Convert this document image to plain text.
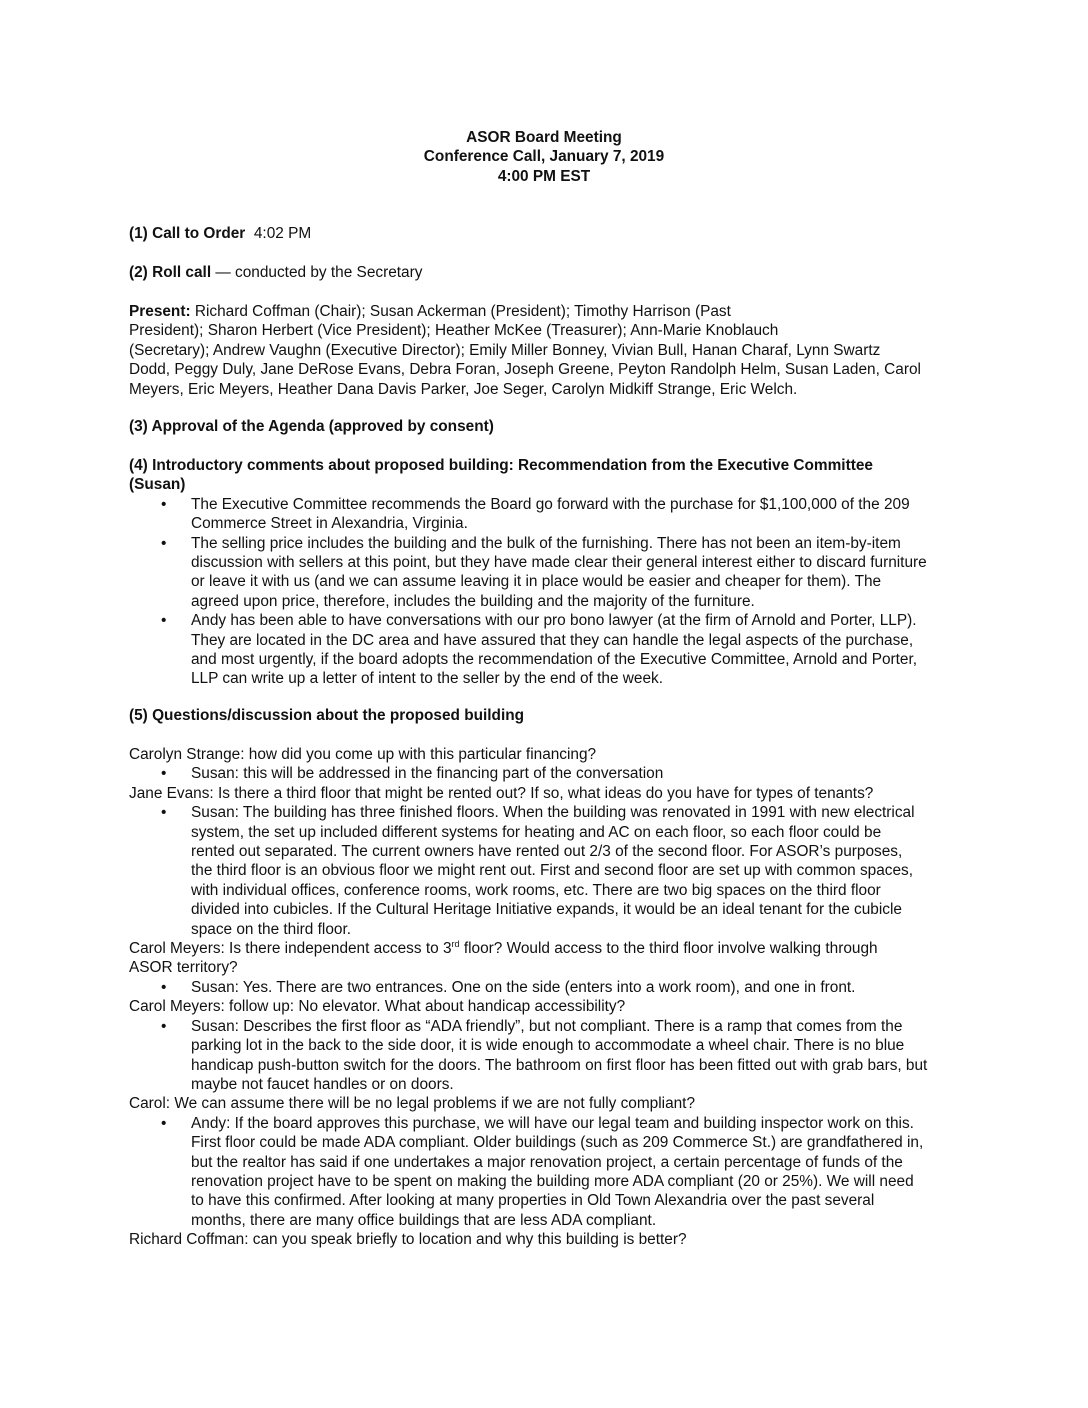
ASOR Board Meeting
Conference Call, January 7, 2019
4:00 PM EST
(1) Call to Order 4:02 PM
(2) Roll call — conducted by the Secretary
Present: Richard Coffman (Chair); Susan Ackerman (President); Timothy Harrison (Past
President); Sharon Herbert (Vice President); Heather McKee (Treasurer); Ann-Marie Knoblauch
(Secretary); Andrew Vaughn (Executive Director); Emily Miller Bonney, Vivian Bull, Hanan Charaf, Lynn Swartz
Dodd, Peggy Duly, Jane DeRose Evans, Debra Foran, Joseph Greene, Peyton Randolph Helm, Susan Laden, Carol
Meyers, Eric Meyers, Heather Dana Davis Parker, Joe Seger, Carolyn Midkiff Strange, Eric Welch.
(3) Approval of the Agenda (approved by consent)
(4) Introductory comments about proposed building: Recommendation from the Executive Committee
(Susan)
• The Executive Committee recommends the Board go forward with the purchase for $1,100,000 of the 209
Commerce Street in Alexandria, Virginia.
• The selling price includes the building and the bulk of the furnishing. There has not been an item-by-item
discussion with sellers at this point, but they have made clear their general interest either to discard furniture
or leave it with us (and we can assume leaving it in place would be easier and cheaper for them). The
agreed upon price, therefore, includes the building and the majority of the furniture.
• Andy has been able to have conversations with our pro bono lawyer (at the firm of Arnold and Porter, LLP).
They are located in the DC area and have assured that they can handle the legal aspects of the purchase,
and most urgently, if the board adopts the recommendation of the Executive Committee, Arnold and Porter,
LLP can write up a letter of intent to the seller by the end of the week.
(5) Questions/discussion about the proposed building
Carolyn Strange: how did you come up with this particular financing?
• Susan: this will be addressed in the financing part of the conversation
Jane Evans: Is there a third floor that might be rented out? If so, what ideas do you have for types of tenants?
• Susan: The building has three finished floors. When the building was renovated in 1991 with new electrical
system, the set up included different systems for heating and AC on each floor, so each floor could be
rented out separated. The current owners have rented out 2/3 of the second floor. For ASOR’s purposes,
the third floor is an obvious floor we might rent out. First and second floor are set up with common spaces,
with individual offices, conference rooms, work rooms, etc. There are two big spaces on the third floor
divided into cubicles. If the Cultural Heritage Initiative expands, it would be an ideal tenant for the cubicle
space on the third floor.
Carol Meyers: Is there independent access to 3rd floor? Would access to the third floor involve walking through
ASOR territory?
• Susan: Yes. There are two entrances. One on the side (enters into a work room), and one in front.
Carol Meyers: follow up: No elevator. What about handicap accessibility?
• Susan: Describes the first floor as “ADA friendly”, but not compliant. There is a ramp that comes from the
parking lot in the back to the side door, it is wide enough to accommodate a wheel chair. There is no blue
handicap push-button switch for the doors. The bathroom on first floor has been fitted out with grab bars, but
maybe not faucet handles or on doors.
Carol: We can assume there will be no legal problems if we are not fully compliant?
• Andy: If the board approves this purchase, we will have our legal team and building inspector work on this.
First floor could be made ADA compliant. Older buildings (such as 209 Commerce St.) are grandfathered in,
but the realtor has said if one undertakes a major renovation project, a certain percentage of funds of the
renovation project have to be spent on making the building more ADA compliant (20 or 25%). We will need
to have this confirmed. After looking at many properties in Old Town Alexandria over the past several
months, there are many office buildings that are less ADA compliant.
Richard Coffman: can you speak briefly to location and why this building is better?
